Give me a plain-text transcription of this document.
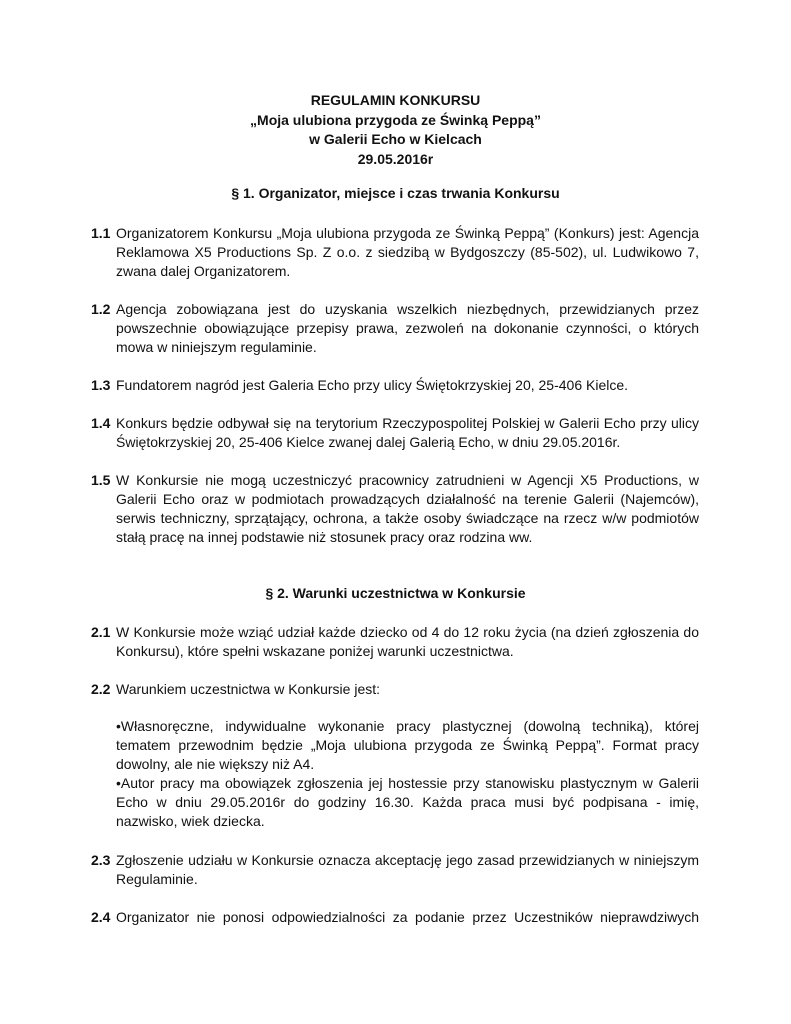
REGULAMIN KONKURSU
„Moja ulubiona przygoda ze Świnką Peppą”
w Galerii Echo w Kielcach
29.05.2016r
§ 1. Organizator, miejsce i czas trwania Konkursu
1.1 Organizatorem Konkursu „Moja ulubiona przygoda ze Świnką Peppą” (Konkurs) jest: Agencja Reklamowa X5 Productions Sp. Z o.o. z siedzibą w Bydgoszczy (85-502), ul. Ludwikowo 7, zwana dalej Organizatorem.
1.2 Agencja zobowiązana jest do uzyskania wszelkich niezbędnych, przewidzianych przez powszechnie obowiązujące przepisy prawa, zezwoleń na dokonanie czynności, o których mowa w niniejszym regulaminie.
1.3 Fundatorem nagród jest Galeria Echo przy ulicy Świętokrzyskiej 20, 25-406 Kielce.
1.4 Konkurs będzie odbywał się na terytorium Rzeczypospolitej Polskiej w Galerii Echo przy ulicy Świętokrzyskiej 20, 25-406 Kielce zwanej dalej Galerią Echo, w dniu 29.05.2016r.
1.5 W Konkursie nie mogą uczestniczyć pracownicy zatrudnieni w Agencji X5 Productions, w Galerii Echo oraz w podmiotach prowadzących działalność na terenie Galerii (Najemców), serwis techniczny, sprzątający, ochrona, a także osoby świadczące na rzecz w/w podmiotów stałą pracę na innej podstawie niż stosunek pracy oraz rodzina ww.
§ 2. Warunki uczestnictwa w Konkursie
2.1 W Konkursie może wziąć udział każde dziecko od 4 do 12 roku życia (na dzień zgłoszenia do Konkursu), które spełni wskazane poniżej warunki uczestnictwa.
2.2 Warunkiem uczestnictwa w Konkursie jest:
•Własnoręczne, indywidualne wykonanie pracy plastycznej (dowolną techniką), której tematem przewodnim będzie „Moja ulubiona przygoda ze Świnką Peppą”. Format pracy dowolny, ale nie większy niż A4.
•Autor pracy ma obowiązek zgłoszenia jej hostessie przy stanowisku plastycznym w Galerii Echo w dniu 29.05.2016r do godziny 16.30. Każda praca musi być podpisana - imię, nazwisko, wiek dziecka.
2.3 Zgłoszenie udziału w Konkursie oznacza akceptację jego zasad przewidzianych w niniejszym Regulaminie.
2.4 Organizator nie ponosi odpowiedzialności za podanie przez Uczestników nieprawdziwych
